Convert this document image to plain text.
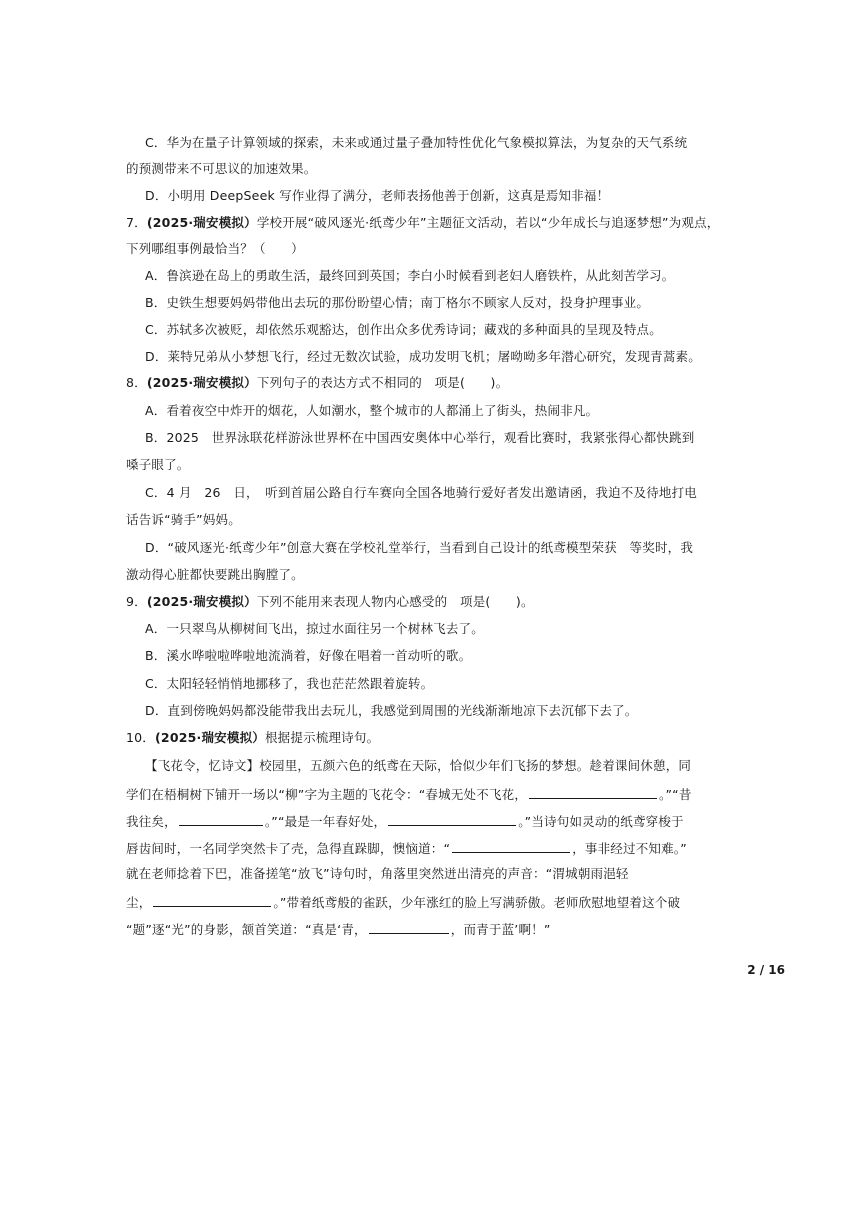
C．华为在量子计算领域的探索，未来或通过量子叠加特性优化气象模拟算法，为复杂的天气系统
的预测带来不可思议的加速效果。
D．小明用 DeepSeek 写作业得了满分，老师表扬他善于创新，这真是焉知非福！
7．(2025·瑞安模拟）学校开展“破风逐光·纸鸢少年”主题征文活动，若以“少年成长与追逐梦想”为观点，
下列哪组事例最恰当？（　　）
A．鲁滨逊在岛上的勇敢生活，最终回到英国；李白小时候看到老妇人磨铁杵，从此刻苦学习。
B．史铁生想要妈妈带他出去玩的那份盼望心情；南丁格尔不顾家人反对，投身护理事业。
C．苏轼多次被贬，却依然乐观豁达，创作出众多优秀诗词；藏戏的多种面具的呈现及特点。
D．莱特兄弟从小梦想飞行，经过无数次试验，成功发明飞机；屠呦呦多年潜心研究，发现青蒿素。
8．(2025·瑞安模拟）下列句子的表达方式不相同的　项是(　　)。
A．看着夜空中炸开的烟花，人如潮水，整个城市的人都涌上了街头，热闹非凡。
B．2025　世界泳联花样游泳世界杯在中国西安奥体中心举行，观看比赛时，我紧张得心都快跳到
嗓子眼了。
C．4 月　26　日，　听到首届公路自行车赛向全国各地骑行爱好者发出邀请函，我迫不及待地打电
话告诉“骑手”妈妈。
D．“破风逐光·纸鸢少年”创意大赛在学校礼堂举行，当看到自己设计的纸鸢模型荣获　等奖时，我
激动得心脏都快要跳出胸膛了。
9．(2025·瑞安模拟）下列不能用来表现人物内心感受的　项是(　　)。
A．一只翠鸟从柳树间飞出，掠过水面往另一个树林飞去了。
B．溪水哗啦啦哗啦地流淌着，好像在唱着一首动听的歌。
C．太阳轻轻悄悄地挪移了，我也茫茫然跟着旋转。
D．直到傍晚妈妈都没能带我出去玩儿，我感觉到周围的光线渐渐地凉下去沉郁下去了。
10．(2025·瑞安模拟）根据提示梳理诗句。
【飞花令，忆诗文】校园里，五颜六色的纸鸢在天际，恰似少年们飞扬的梦想。趁着课间休憩，同
学们在梧桐树下铺开一场以“柳”字为主题的飞花令：“春城无处不飞花，	。”“昔
我往矣，	。”“最是一年春好处，	。”当诗句如灵动的纸鸢穿梭于
唇齿间时，一名同学突然卡了壳，急得直跺脚，懊恼道：“	，事非经过不知难。”
就在老师捻着下巴，准备搓笔“放飞”诗句时，角落里突然迸出清亮的声音：“渭城朝雨浥轻
尘，	。”带着纸鸢般的雀跃，少年涨红的脸上写满骄傲。老师欣慰地望着这个破
“题”逐“光”的身影，颔首笑道：“真是‘青，	，而青于蓝’啊！”
2 / 16
